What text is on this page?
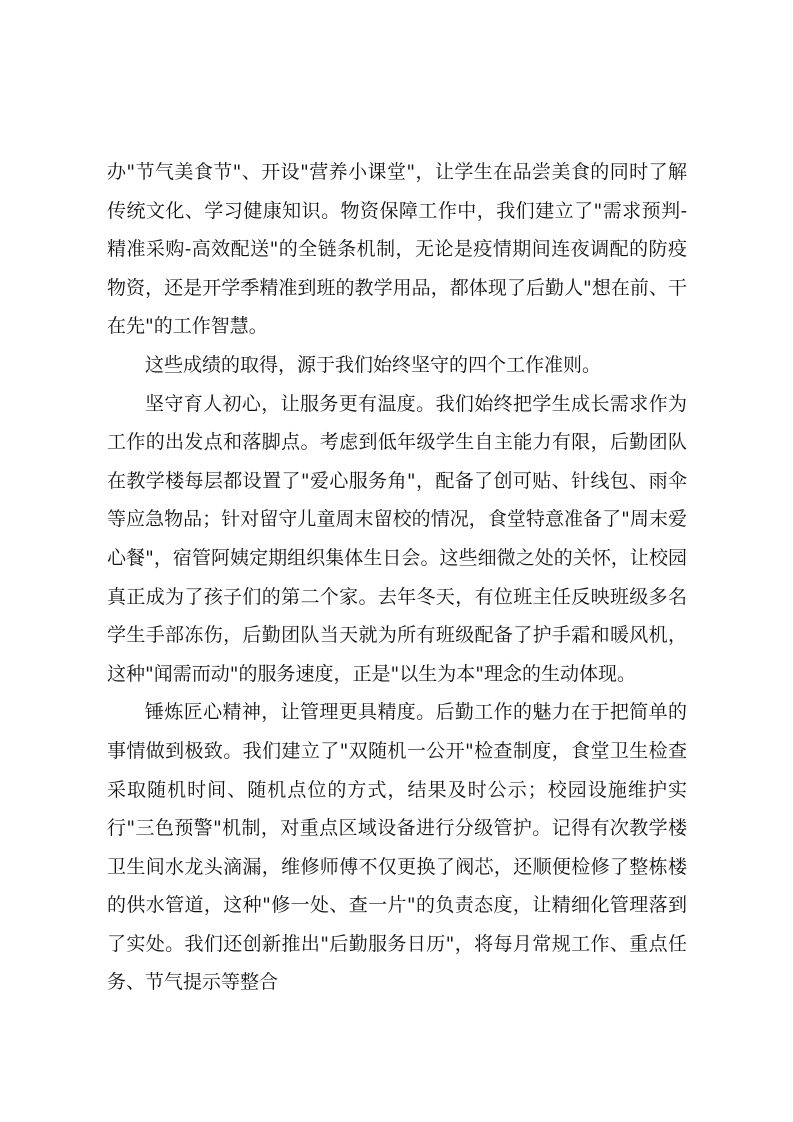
办"节气美食节"、开设"营养小课堂"，让学生在品尝美食的同时了解传统文化、学习健康知识。物资保障工作中，我们建立了"需求预判-精准采购-高效配送"的全链条机制，无论是疫情期间连夜调配的防疫物资，还是开学季精准到班的教学用品，都体现了后勤人"想在前、干在先"的工作智慧。

这些成绩的取得，源于我们始终坚守的四个工作准则。

坚守育人初心，让服务更有温度。我们始终把学生成长需求作为工作的出发点和落脚点。考虑到低年级学生自主能力有限，后勤团队在教学楼每层都设置了"爱心服务角"，配备了创可贴、针线包、雨伞等应急物品；针对留守儿童周末留校的情况，食堂特意准备了"周末爱心餐"，宿管阿姨定期组织集体生日会。这些细微之处的关怀，让校园真正成为了孩子们的第二个家。去年冬天，有位班主任反映班级多名学生手部冻伤，后勤团队当天就为所有班级配备了护手霜和暖风机，这种"闻需而动"的服务速度，正是"以生为本"理念的生动体现。

锤炼匠心精神，让管理更具精度。后勤工作的魅力在于把简单的事情做到极致。我们建立了"双随机一公开"检查制度，食堂卫生检查采取随机时间、随机点位的方式，结果及时公示；校园设施维护实行"三色预警"机制，对重点区域设备进行分级管护。记得有次教学楼卫生间水龙头滴漏，维修师傅不仅更换了阀芯，还顺便检修了整栋楼的供水管道，这种"修一处、查一片"的负责态度，让精细化管理落到了实处。我们还创新推出"后勤服务日历"，将每月常规工作、重点任务、节气提示等整合
